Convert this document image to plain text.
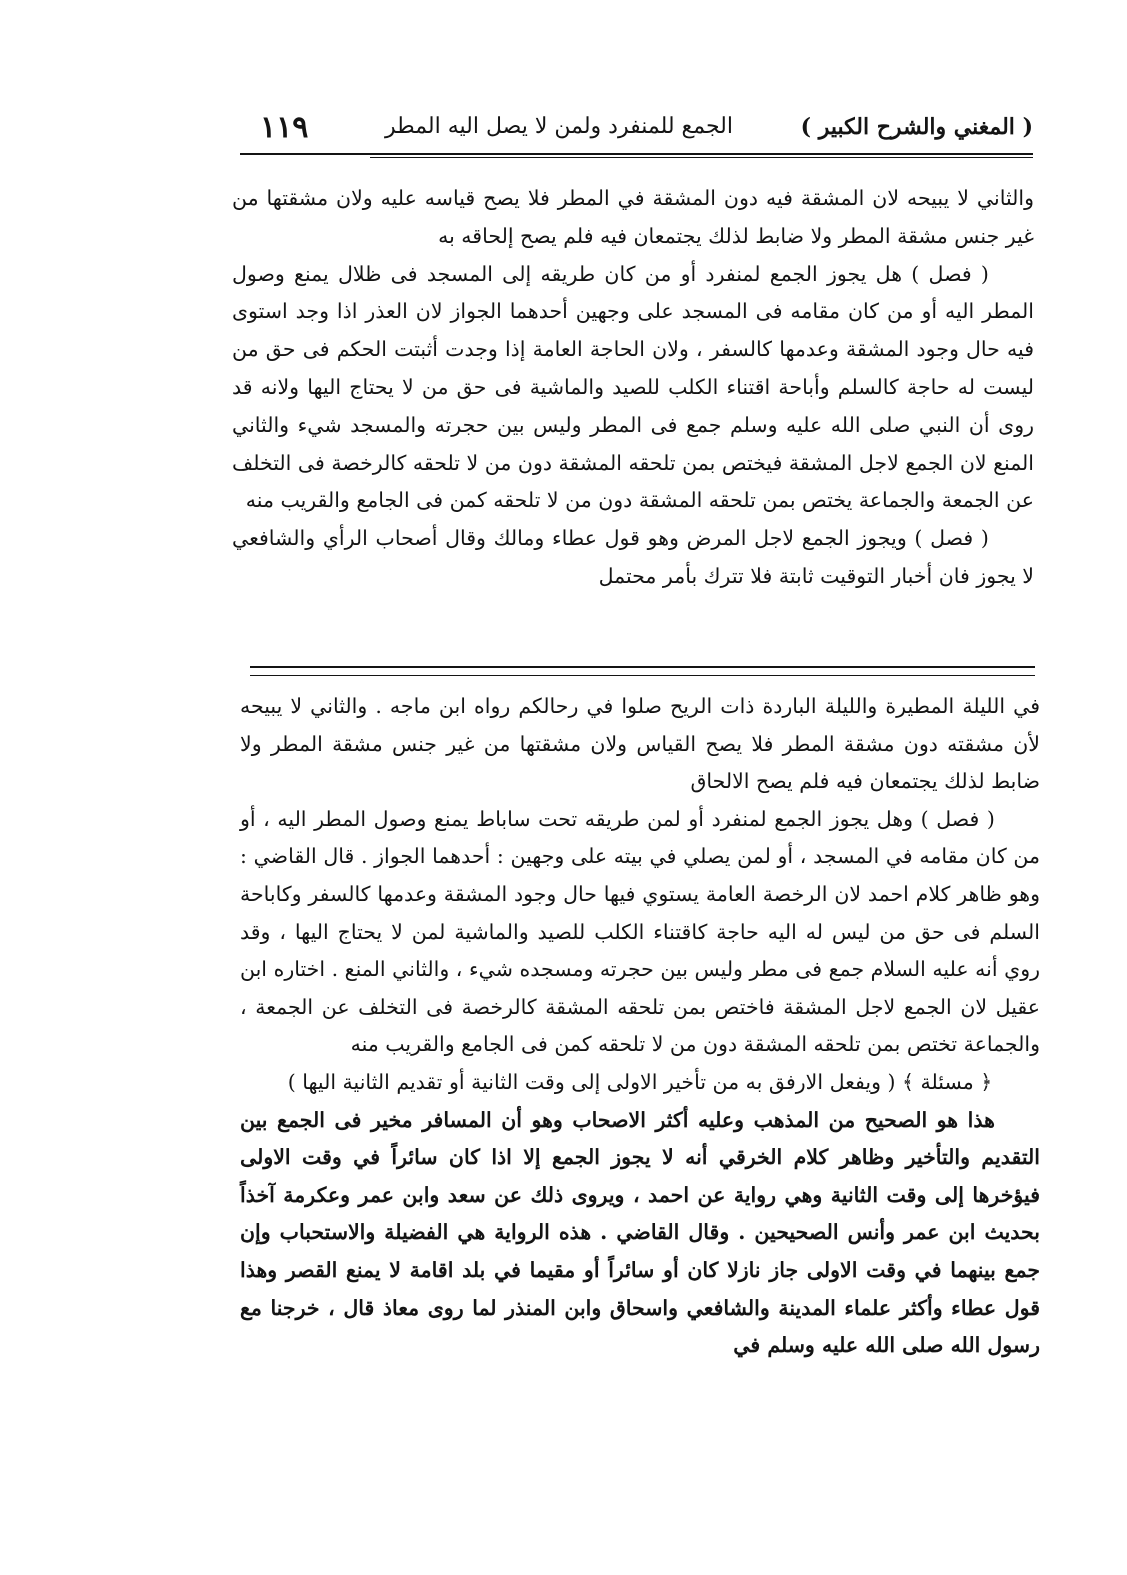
( المغني والشرح الكبير )
الجمع للمنفرد ولمن لا يصل اليه المطر
١١٩

والثاني لا يبيحه لان المشقة فيه دون المشقة في المطر فلا يصح قياسه عليه ولان مشقتها من غير جنس مشقة المطر ولا ضابط لذلك يجتمعان فيه فلم يصح إلحاقه به

( فصل ) هل يجوز الجمع لمنفرد أو من كان طريقه إلى المسجد فى ظلال يمنع وصول المطر اليه أو من كان مقامه فى المسجد على وجهين أحدهما الجواز لان العذر اذا وجد استوى فيه حال وجود المشقة وعدمها كالسفر ، ولان الحاجة العامة إذا وجدت أثبتت الحكم فى حق من ليست له حاجة كالسلم وأباحة اقتناء الكلب للصيد والماشية فى حق من لا يحتاج اليها ولانه قد روى أن النبي صلى الله عليه وسلم جمع فى المطر وليس بين حجرته والمسجد شيء والثاني المنع لان الجمع لاجل المشقة فيختص بمن تلحقه المشقة دون من لا تلحقه كالرخصة فى التخلف عن الجمعة والجماعة يختص بمن تلحقه المشقة دون من لا تلحقه كمن فى الجامع والقريب منه

( فصل ) ويجوز الجمع لاجل المرض وهو قول عطاء ومالك وقال أصحاب الرأي والشافعي لا يجوز فان أخبار التوقيت ثابتة فلا تترك بأمر محتمل

في الليلة المطيرة والليلة الباردة ذات الريح صلوا في رحالكم رواه ابن ماجه . والثاني لا يبيحه لأن مشقته دون مشقة المطر فلا يصح القياس ولان مشقتها من غير جنس مشقة المطر ولا ضابط لذلك يجتمعان فيه فلم يصح الالحاق

( فصل ) وهل يجوز الجمع لمنفرد أو لمن طريقه تحت ساباط يمنع وصول المطر اليه ، أو من كان مقامه في المسجد ، أو لمن يصلي في بيته على وجهين : أحدهما الجواز . قال القاضي : وهو ظاهر كلام احمد لان الرخصة العامة يستوي فيها حال وجود المشقة وعدمها كالسفر وكاباحة السلم فى حق من ليس له اليه حاجة كاقتناء الكلب للصيد والماشية لمن لا يحتاج اليها ، وقد روي أنه عليه السلام جمع فى مطر وليس بين حجرته ومسجده شيء ، والثاني المنع . اختاره ابن عقيل لان الجمع لاجل المشقة فاختص بمن تلحقه المشقة كالرخصة فى التخلف عن الجمعة ، والجماعة تختص بمن تلحقه المشقة دون من لا تلحقه كمن فى الجامع والقريب منه

﴿ مسئلة ﴾ ( ويفعل الارفق به من تأخير الاولى إلى وقت الثانية أو تقديم الثانية اليها )

هذا هو الصحيح من المذهب وعليه أكثر الاصحاب وهو أن المسافر مخير فى الجمع بين التقديم والتأخير وظاهر كلام الخرقي أنه لا يجوز الجمع إلا اذا كان سائراً في وقت الاولى فيؤخرها إلى وقت الثانية وهي رواية عن احمد ، ويروى ذلك عن سعد وابن عمر وعكرمة آخذاً بحديث ابن عمر وأنس الصحيحين . وقال القاضي . هذه الرواية هي الفضيلة والاستحباب وإن جمع بينهما في وقت الاولى جاز نازلا كان أو سائراً أو مقيما في بلد اقامة لا يمنع القصر وهذا قول عطاء وأكثر علماء المدينة والشافعي واسحاق وابن المنذر لما روى معاذ قال ، خرجنا مع رسول الله صلى الله عليه وسلم في
